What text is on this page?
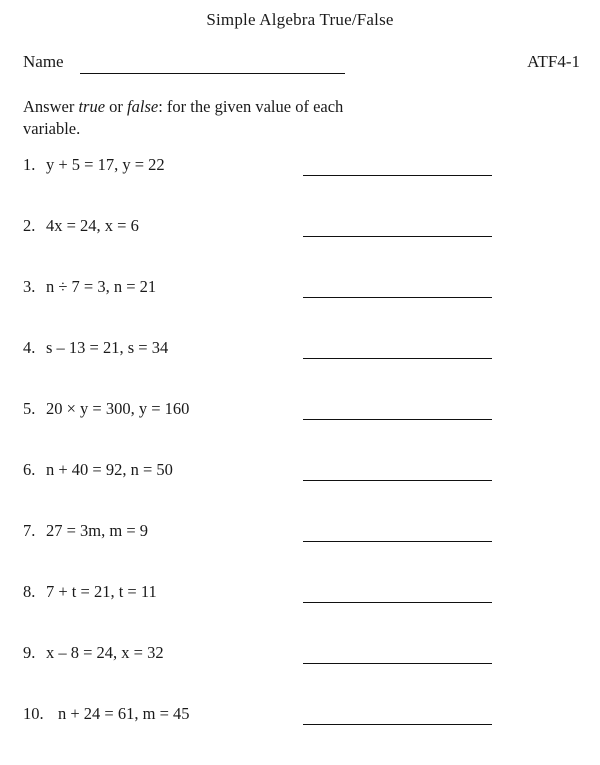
Simple Algebra True/False
Name	ATF4-1
Answer true or false: for the given value of each variable.
1. y + 5 = 17, y = 22
2. 4x = 24, x = 6
3. n ÷ 7 = 3, n = 21
4. s – 13 = 21, s = 34
5. 20 × y = 300, y = 160
6. n + 40 = 92, n = 50
7. 27 = 3m, m = 9
8. 7 + t = 21, t = 11
9. x – 8 = 24, x = 32
10. n + 24 = 61, m = 45
